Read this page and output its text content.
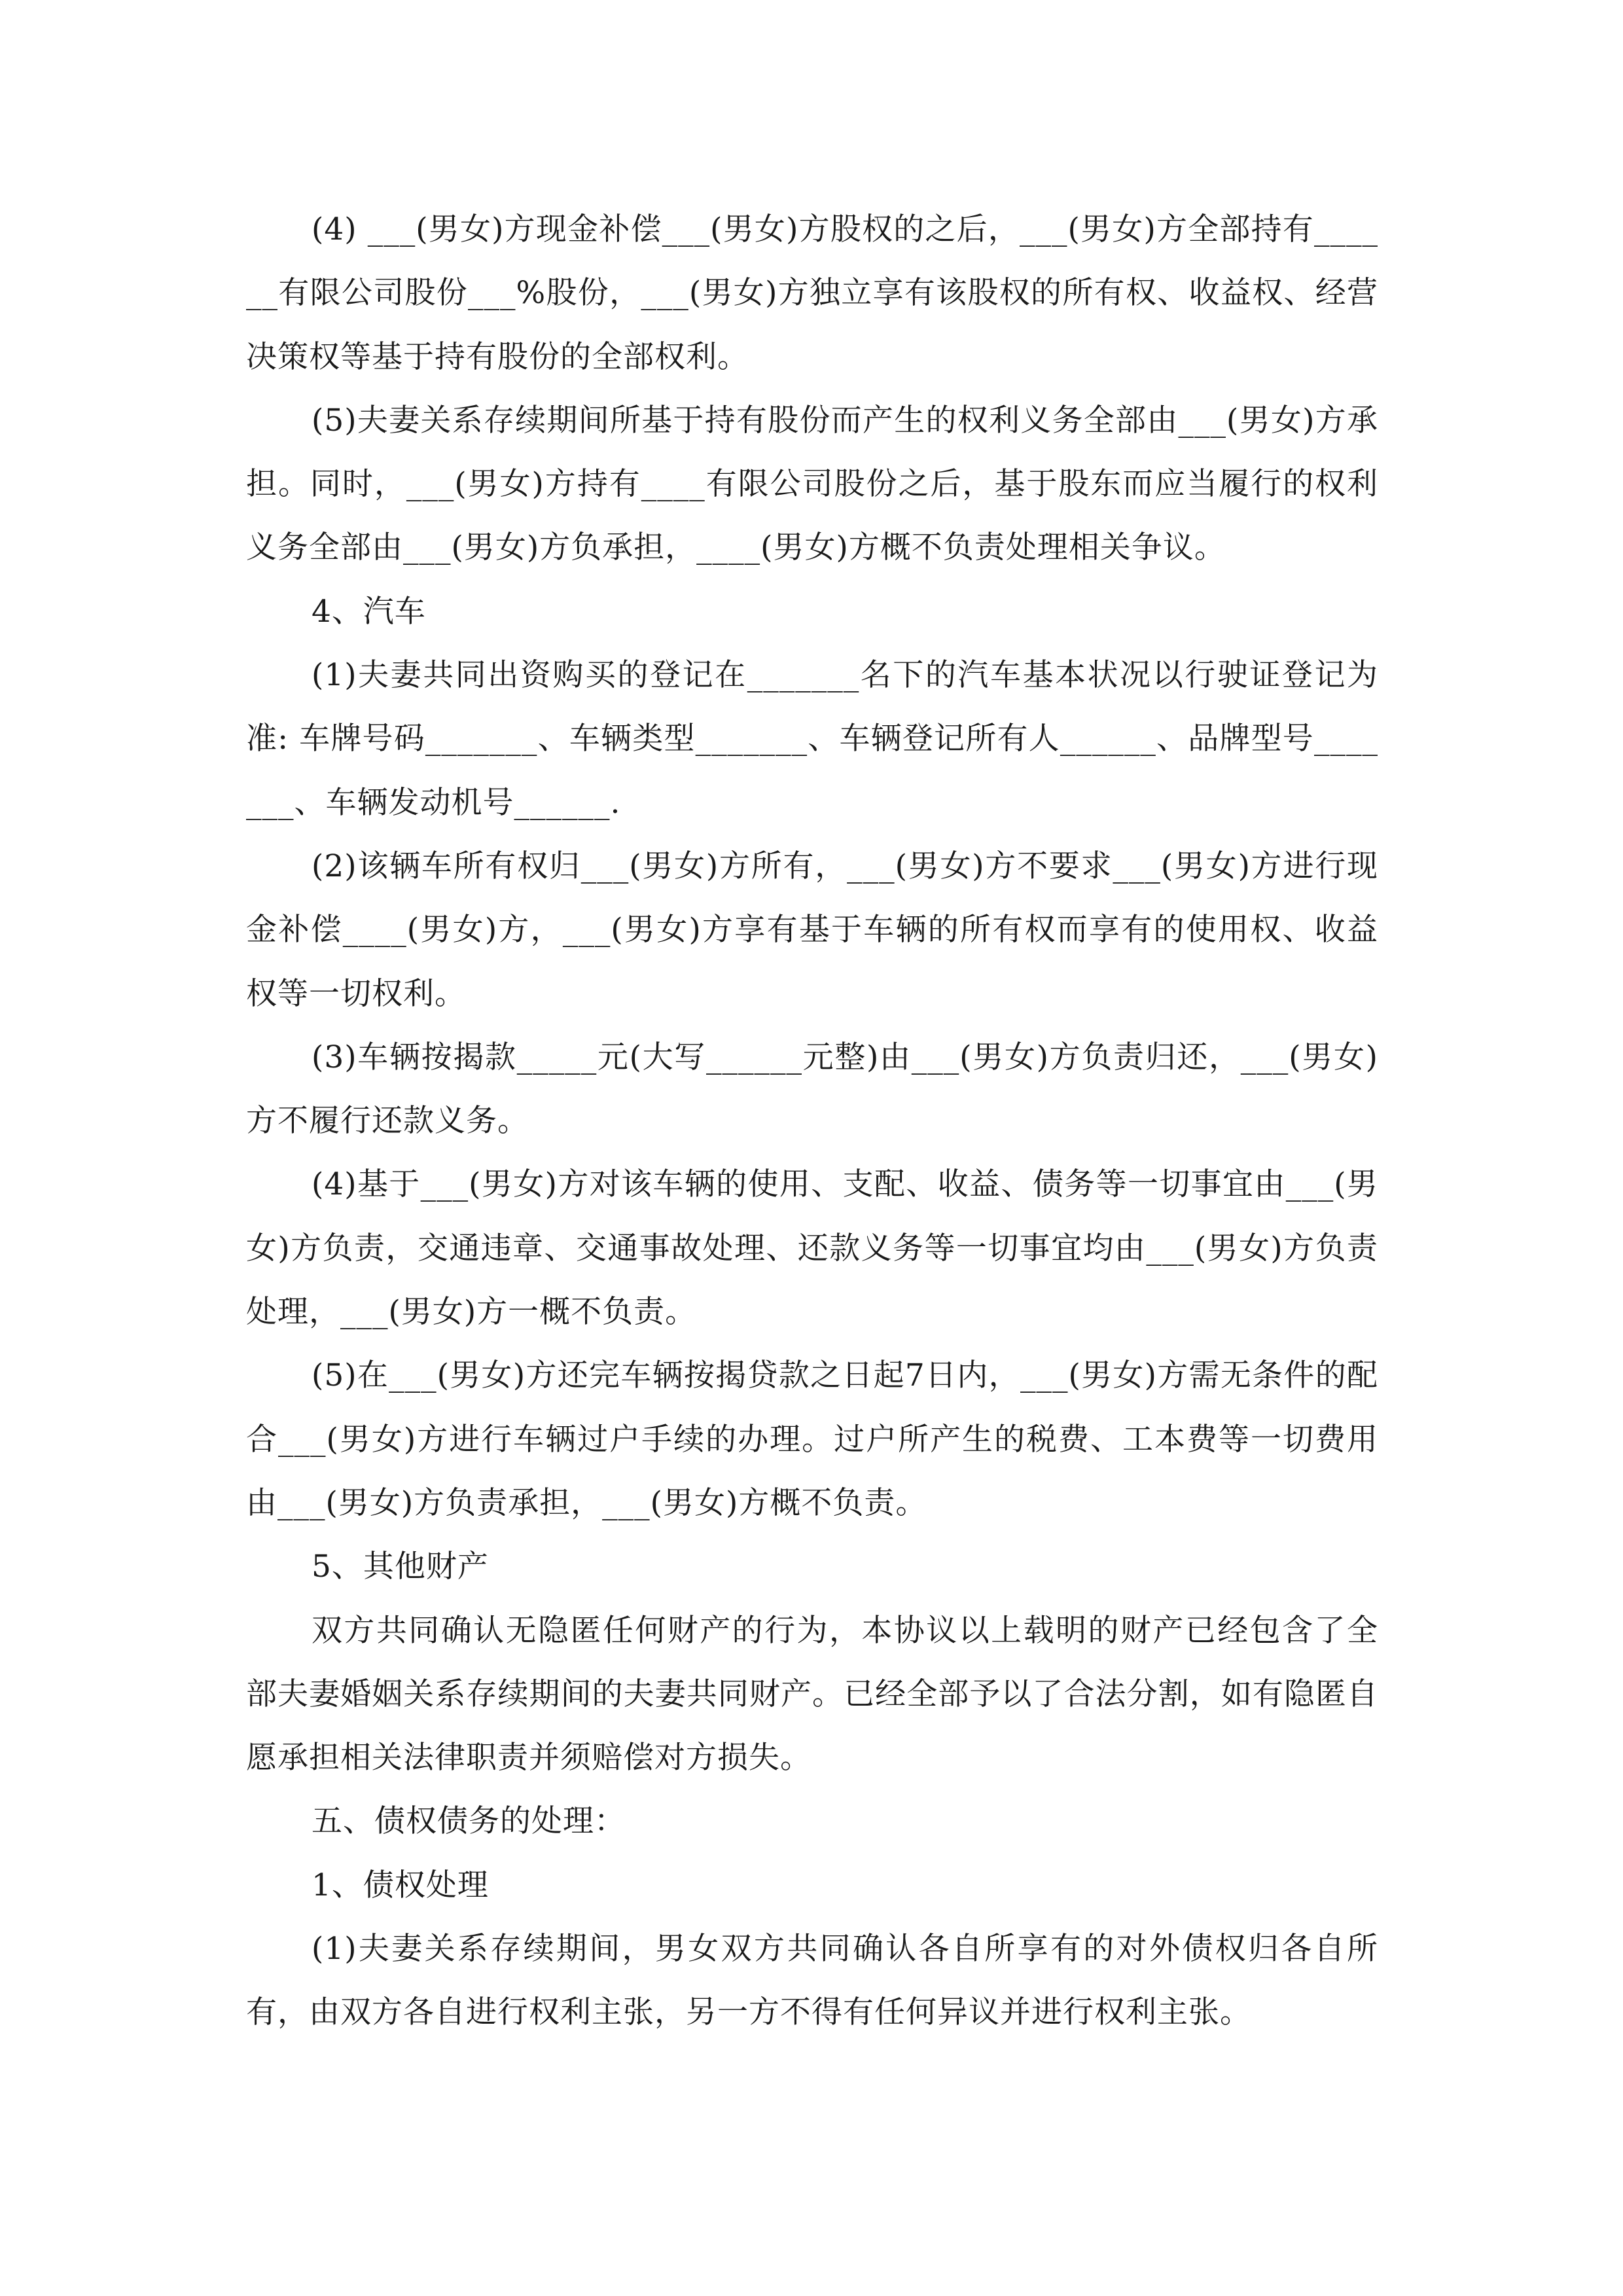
(4) ___(男女)方现金补偿___(男女)方股权的之后，___(男女)方全部持有______有限公司股份___%股份，___(男女)方独立享有该股权的所有权、收益权、经营决策权等基于持有股份的全部权利。

(5)夫妻关系存续期间所基于持有股份而产生的权利义务全部由___(男女)方承担。同时，___(男女)方持有____有限公司股份之后，基于股东而应当履行的权利义务全部由___(男女)方负承担，____(男女)方概不负责处理相关争议。

4、汽车

(1)夫妻共同出资购买的登记在_______名下的汽车基本状况以行驶证登记为准: 车牌号码_______、车辆类型_______、车辆登记所有人______、品牌型号_______、车辆发动机号______.

(2)该辆车所有权归___(男女)方所有，___(男女)方不要求___(男女)方进行现金补偿____(男女)方，___(男女)方享有基于车辆的所有权而享有的使用权、收益权等一切权利。

(3)车辆按揭款_____元(大写______元整)由___(男女)方负责归还，___(男女)方不履行还款义务。

(4)基于___(男女)方对该车辆的使用、支配、收益、债务等一切事宜由___(男女)方负责，交通违章、交通事故处理、还款义务等一切事宜均由___(男女)方负责处理，___(男女)方一概不负责。

(5)在___(男女)方还完车辆按揭贷款之日起7日内，___(男女)方需无条件的配合___(男女)方进行车辆过户手续的办理。过户所产生的税费、工本费等一切费用由___(男女)方负责承担，___(男女)方概不负责。

5、其他财产

双方共同确认无隐匿任何财产的行为，本协议以上载明的财产已经包含了全部夫妻婚姻关系存续期间的夫妻共同财产。已经全部予以了合法分割，如有隐匿自愿承担相关法律职责并须赔偿对方损失。

五、债权债务的处理：

1、债权处理

(1)夫妻关系存续期间，男女双方共同确认各自所享有的对外债权归各自所有，由双方各自进行权利主张，另一方不得有任何异议并进行权利主张。
